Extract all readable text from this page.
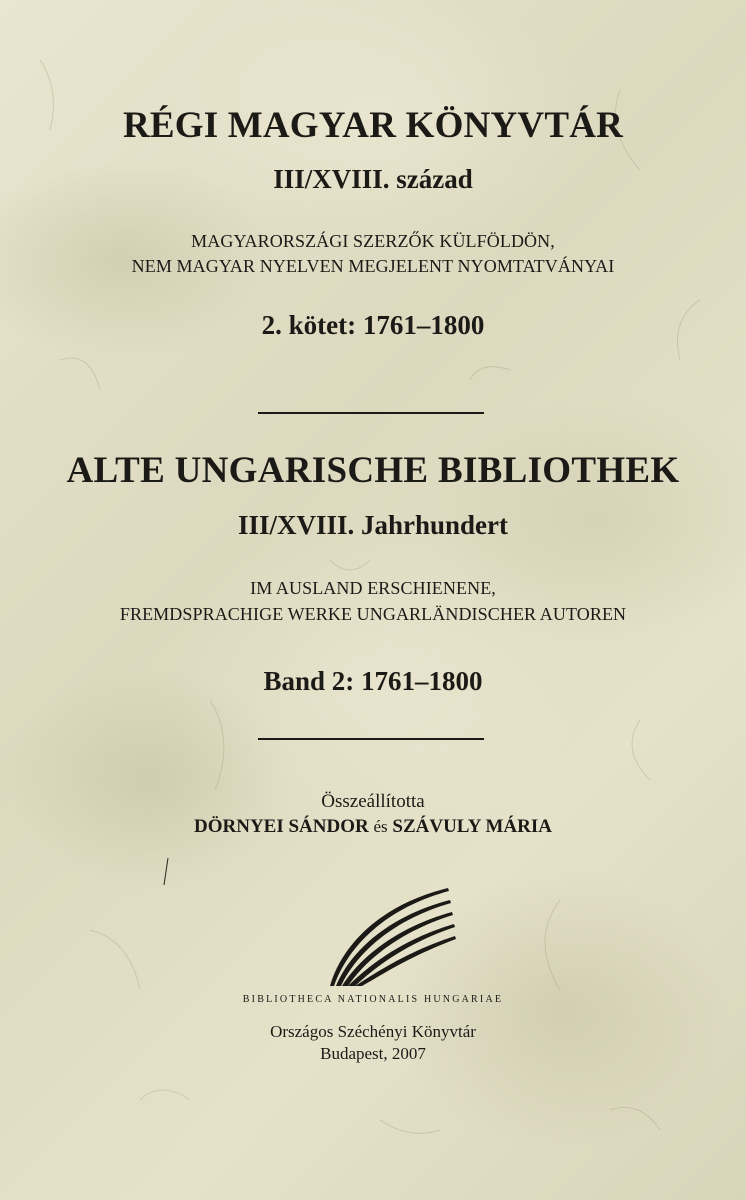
RÉGI MAGYAR KÖNYVTÁR
III/XVIII. század
MAGYARORSZÁGI SZERZŐK KÜLFÖLDÖN,
NEM MAGYAR NYELVEN MEGJELENT NYOMTATVÁNYAI
2. kötet: 1761–1800
ALTE UNGARISCHE BIBLIOTHEK
III/XVIII. Jahrhundert
IM AUSLAND ERSCHIENENE,
FREMDSPRACHIGE WERKE UNGARLÄNDISCHER AUTOREN
Band 2: 1761–1800
Összeállította
DÖRNYEI SÁNDOR és SZÁVULY MÁRIA
BIBLIOTHECA NATIONALIS HUNGARIAE
Országos Széchényi Könyvtár
Budapest, 2007
